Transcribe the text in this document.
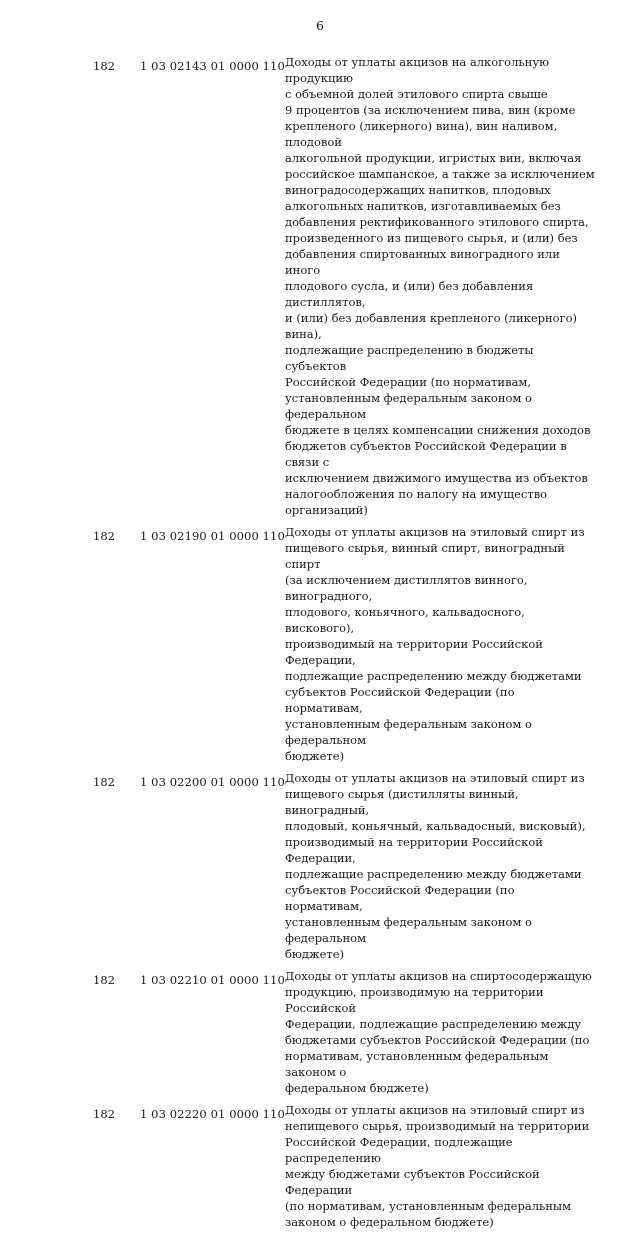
6
182 1 03 02143 01 0000 110 Доходы от уплаты акцизов на алкогольную продукцию
с объемной долей этилового спирта свыше
9 процентов (за исключением пива, вин (кроме
крепленого (ликерного) вина), вин наливом, плодовой
алкогольной продукции, игристых вин, включая
российское шампанское, а также за исключением
виноградосодержащих напитков, плодовых
алкогольных напитков, изготавливаемых без
добавления ректификованного этилового спирта,
произведенного из пищевого сырья, и (или) без
добавления спиртованных виноградного или иного
плодового сусла, и (или) без добавления дистиллятов,
и (или) без добавления крепленого (ликерного) вина),
подлежащие распределению в бюджеты субъектов
Российской Федерации (по нормативам,
установленным федеральным законом о федеральном
бюджете в целях компенсации снижения доходов
бюджетов субъектов Российской Федерации в связи с
исключением движимого имущества из объектов
налогообложения по налогу на имущество
организаций)
182 1 03 02190 01 0000 110 Доходы от уплаты акцизов на этиловый спирт из
пищевого сырья, винный спирт, виноградный спирт
(за исключением дистиллятов винного, виноградного,
плодового, коньячного, кальвадосного, вискового),
производимый на территории Российской Федерации,
подлежащие распределению между бюджетами
субъектов Российской Федерации (по нормативам,
установленным федеральным законом о федеральном
бюджете)
182 1 03 02200 01 0000 110 Доходы от уплаты акцизов на этиловый спирт из
пищевого сырья (дистилляты винный, виноградный,
плодовый, коньячный, кальвадосный, висковый),
производимый на территории Российской Федерации,
подлежащие распределению между бюджетами
субъектов Российской Федерации (по нормативам,
установленным федеральным законом о федеральном
бюджете)
182 1 03 02210 01 0000 110 Доходы от уплаты акцизов на спиртосодержащую
продукцию, производимую на территории Российской
Федерации, подлежащие распределению между
бюджетами субъектов Российской Федерации (по
нормативам, установленным федеральным законом о
федеральном бюджете)
182 1 03 02220 01 0000 110 Доходы от уплаты акцизов на этиловый спирт из
непищевого сырья, производимый на территории
Российской Федерации, подлежащие распределению
между бюджетами субъектов Российской Федерации
(по нормативам, установленным федеральным
законом о федеральном бюджете)
